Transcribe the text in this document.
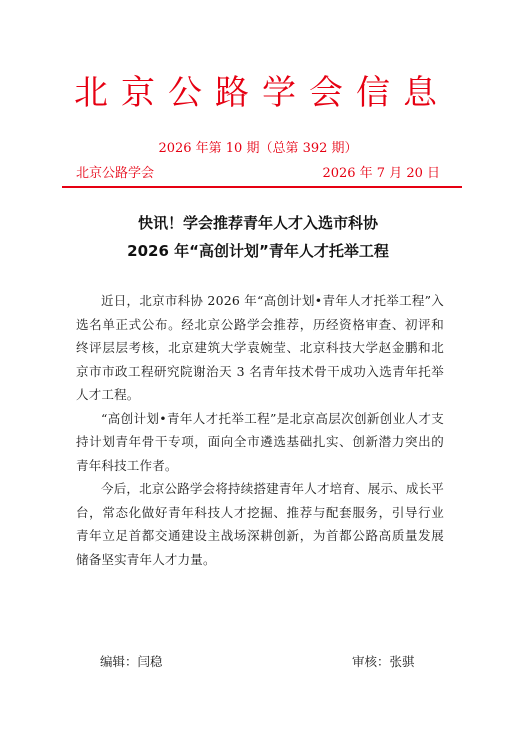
北京公路学会信息
2026 年第 10 期（总第 392 期）
北京公路学会	2026 年 7 月 20 日
快讯！学会推荐青年人才入选市科协
2026 年“高创计划”青年人才托举工程

近日，北京市科协 2026 年“高创计划•青年人才托举工程”入选名单正式公布。经北京公路学会推荐，历经资格审查、初评和终评层层考核，北京建筑大学袁婉莹、北京科技大学赵金鹏和北京市市政工程研究院谢治天 3 名青年技术骨干成功入选青年托举人才工程。

“高创计划•青年人才托举工程”是北京高层次创新创业人才支持计划青年骨干专项，面向全市遴选基础扎实、创新潜力突出的青年科技工作者。

今后，北京公路学会将持续搭建青年人才培育、展示、成长平台，常态化做好青年科技人才挖掘、推荐与配套服务，引导行业青年立足首都交通建设主战场深耕创新，为首都公路高质量发展储备坚实青年人才力量。

编辑：闫稳	审核：张骐
